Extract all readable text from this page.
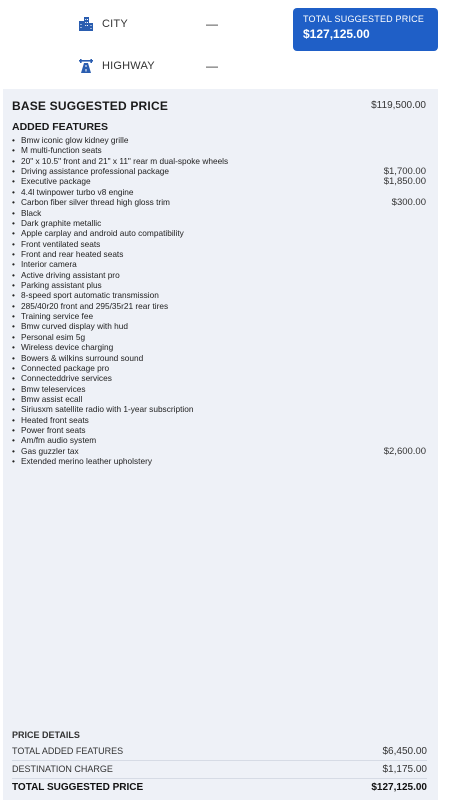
CITY	—
HIGHWAY	—
TOTAL SUGGESTED PRICE
$127,125.00
BASE SUGGESTED PRICE	$119,500.00
ADDED FEATURES
• Bmw iconic glow kidney grille
• M multi-function seats
• 20" x 10.5" front and 21" x 11" rear m dual-spoke wheels
• Driving assistance professional package	$1,700.00
• Executive package	$1,850.00
• 4.4l twinpower turbo v8 engine
• Carbon fiber silver thread high gloss trim	$300.00
• Black
• Dark graphite metallic
• Apple carplay and android auto compatibility
• Front ventilated seats
• Front and rear heated seats
• Interior camera
• Active driving assistant pro
• Parking assistant plus
• 8-speed sport automatic transmission
• 285/40r20 front and 295/35r21 rear tires
• Training service fee
• Bmw curved display with hud
• Personal esim 5g
• Wireless device charging
• Bowers & wilkins surround sound
• Connected package pro
• Connecteddrive services
• Bmw teleservices
• Bmw assist ecall
• Siriusxm satellite radio with 1-year subscription
• Heated front seats
• Power front seats
• Am/fm audio system
• Gas guzzler tax	$2,600.00
• Extended merino leather upholstery
PRICE DETAILS
TOTAL ADDED FEATURES	$6,450.00
DESTINATION CHARGE	$1,175.00
TOTAL SUGGESTED PRICE	$127,125.00
